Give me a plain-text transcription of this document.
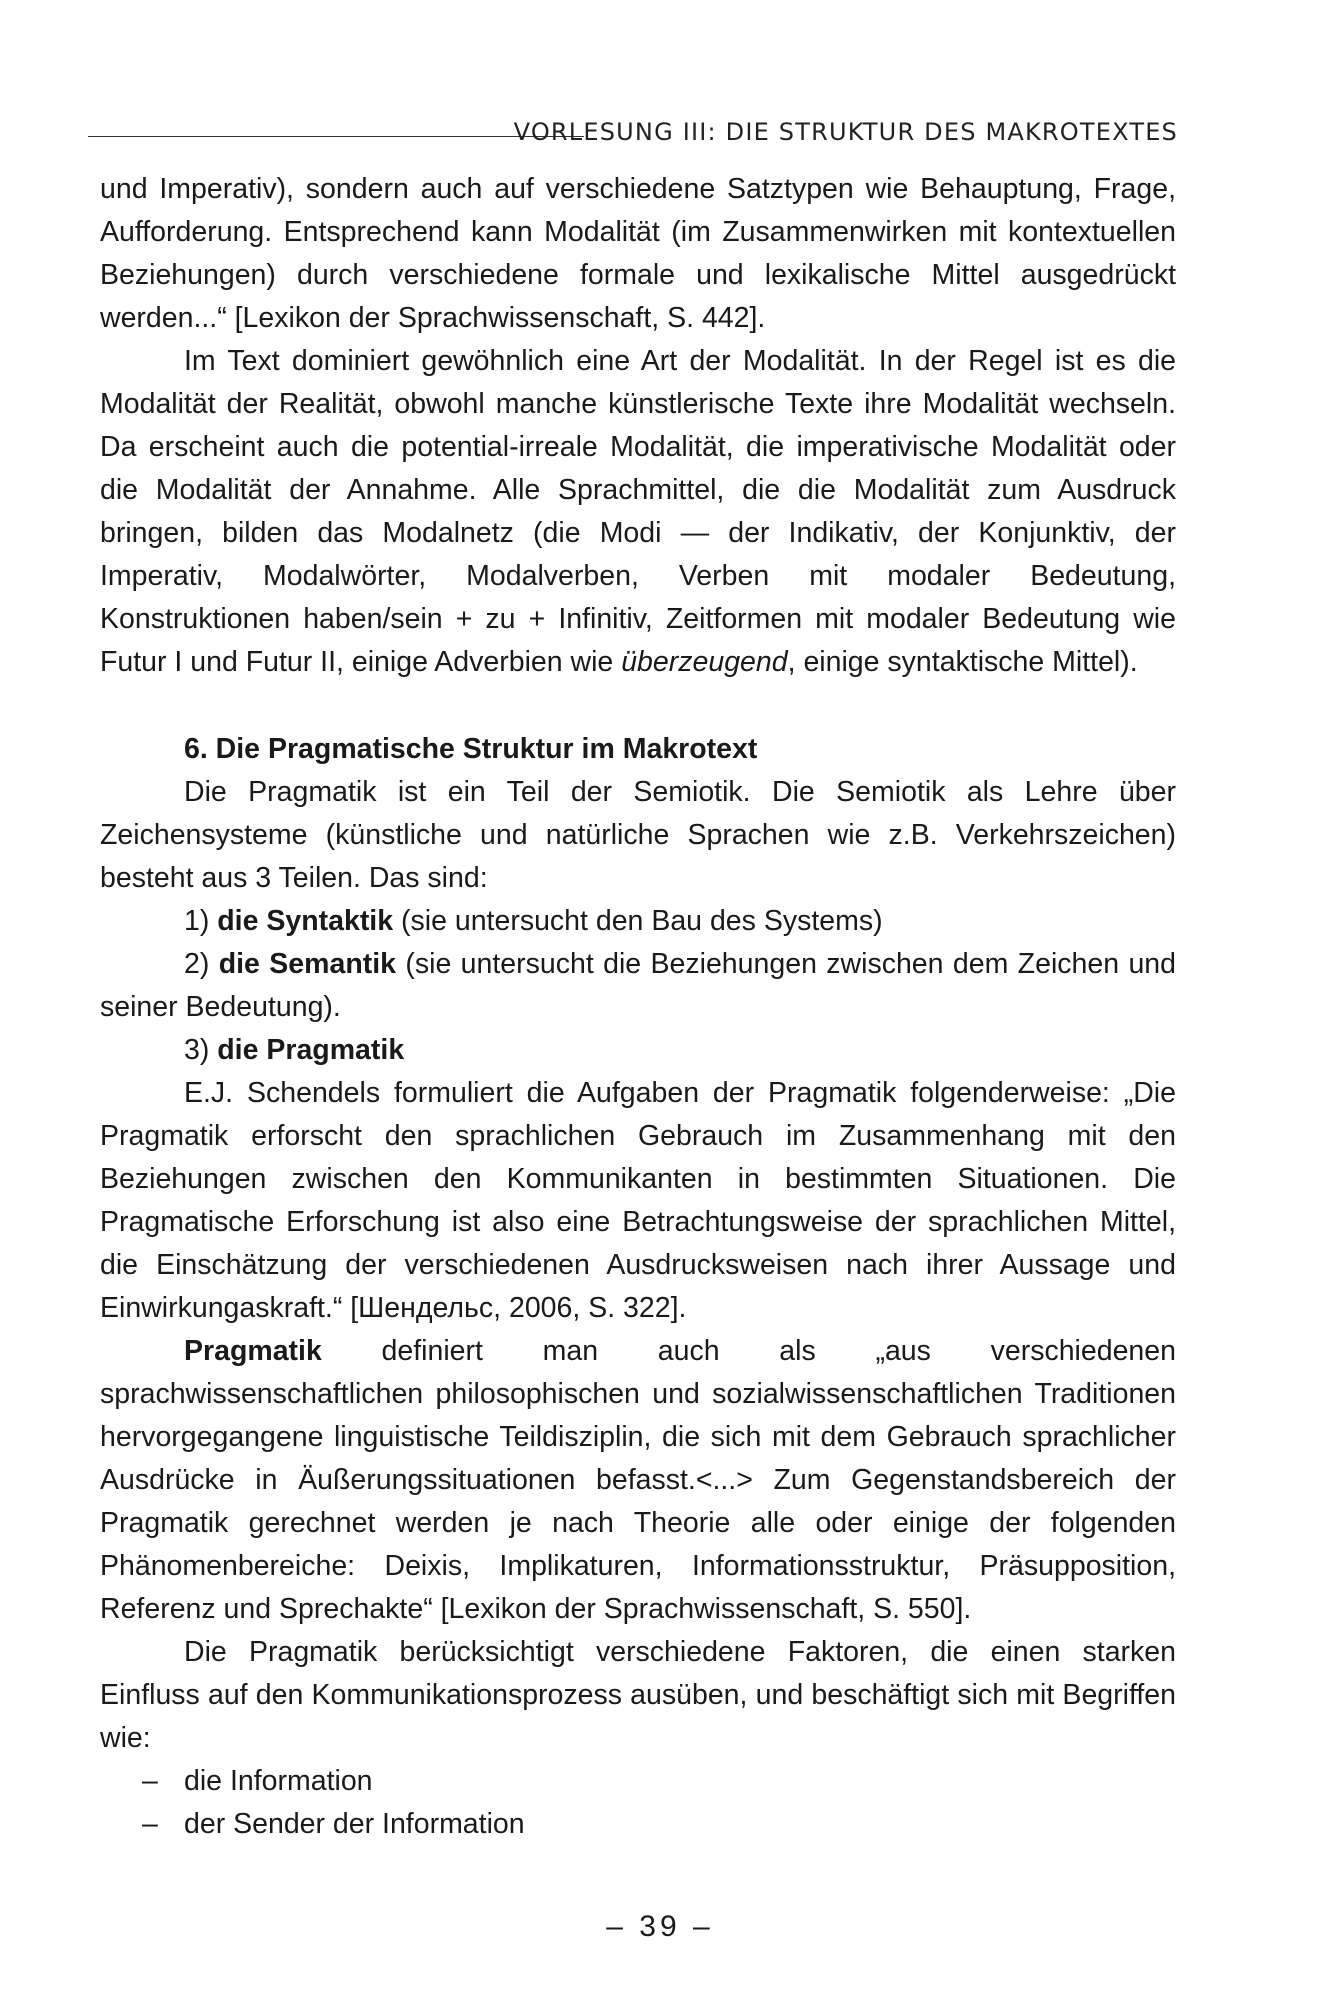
VORLESUNG III: DIE STRUKTUR DES MAKROTEXTES

und Imperativ), sondern auch auf verschiedene Satztypen wie Behauptung, Frage, Aufforderung. Entsprechend kann Modalität (im Zusammenwirken mit kontextuellen Beziehungen) durch verschiedene formale und lexikalische Mittel ausgedrückt werden...“ [Lexikon der Sprachwissenschaft, S. 442].

Im Text dominiert gewöhnlich eine Art der Modalität. In der Regel ist es die Modalität der Realität, obwohl manche künstlerische Texte ihre Modalität wechseln. Da erscheint auch die potential-irreale Modalität, die imperativische Modalität oder die Modalität der Annahme. Alle Sprachmittel, die die Modalität zum Ausdruck bringen, bilden das Modalnetz (die Modi — der Indikativ, der Konjunktiv, der Imperativ, Modalwörter, Modalverben, Verben mit modaler Bedeutung, Konstruktionen haben/sein + zu + Infinitiv, Zeitformen mit modaler Bedeutung wie Futur I und Futur II, einige Adverbien wie überzeugend, einige syntaktische Mittel).

6. Die Pragmatische Struktur im Makrotext

Die Pragmatik ist ein Teil der Semiotik. Die Semiotik als Lehre über Zeichensysteme (künstliche und natürliche Sprachen wie z.B. Verkehrszeichen) besteht aus 3 Teilen. Das sind:

1) die Syntaktik (sie untersucht den Bau des Systems)

2) die Semantik (sie untersucht die Beziehungen zwischen dem Zeichen und seiner Bedeutung).

3) die Pragmatik

E.J. Schendels formuliert die Aufgaben der Pragmatik folgenderweise: „Die Pragmatik erforscht den sprachlichen Gebrauch im Zusammenhang mit den Beziehungen zwischen den Kommunikanten in bestimmten Situationen. Die Pragmatische Erforschung ist also eine Betrachtungsweise der sprachlichen Mittel, die Einschätzung der verschiedenen Ausdrucksweisen nach ihrer Aussage und Einwirkungaskraft.“ [Шендельс, 2006, S. 322].

Pragmatik definiert man auch als „aus verschiedenen sprachwissenschaftlichen philosophischen und sozialwissenschaftlichen Traditionen hervorgegangene linguistische Teildisziplin, die sich mit dem Gebrauch sprachlicher Ausdrücke in Äußerungssituationen befasst.<...> Zum Gegenstandsbereich der Pragmatik gerechnet werden je nach Theorie alle oder einige der folgenden Phänomenbereiche: Deixis, Implikaturen, Informationsstruktur, Präsupposition, Referenz und Sprechakte“ [Lexikon der Sprachwissenschaft, S. 550].

Die Pragmatik berücksichtigt verschiedene Faktoren, die einen starken Einfluss auf den Kommunikationsprozess ausüben, und beschäftigt sich mit Begriffen wie:

– die Information
– der Sender der Information
– 39 –
